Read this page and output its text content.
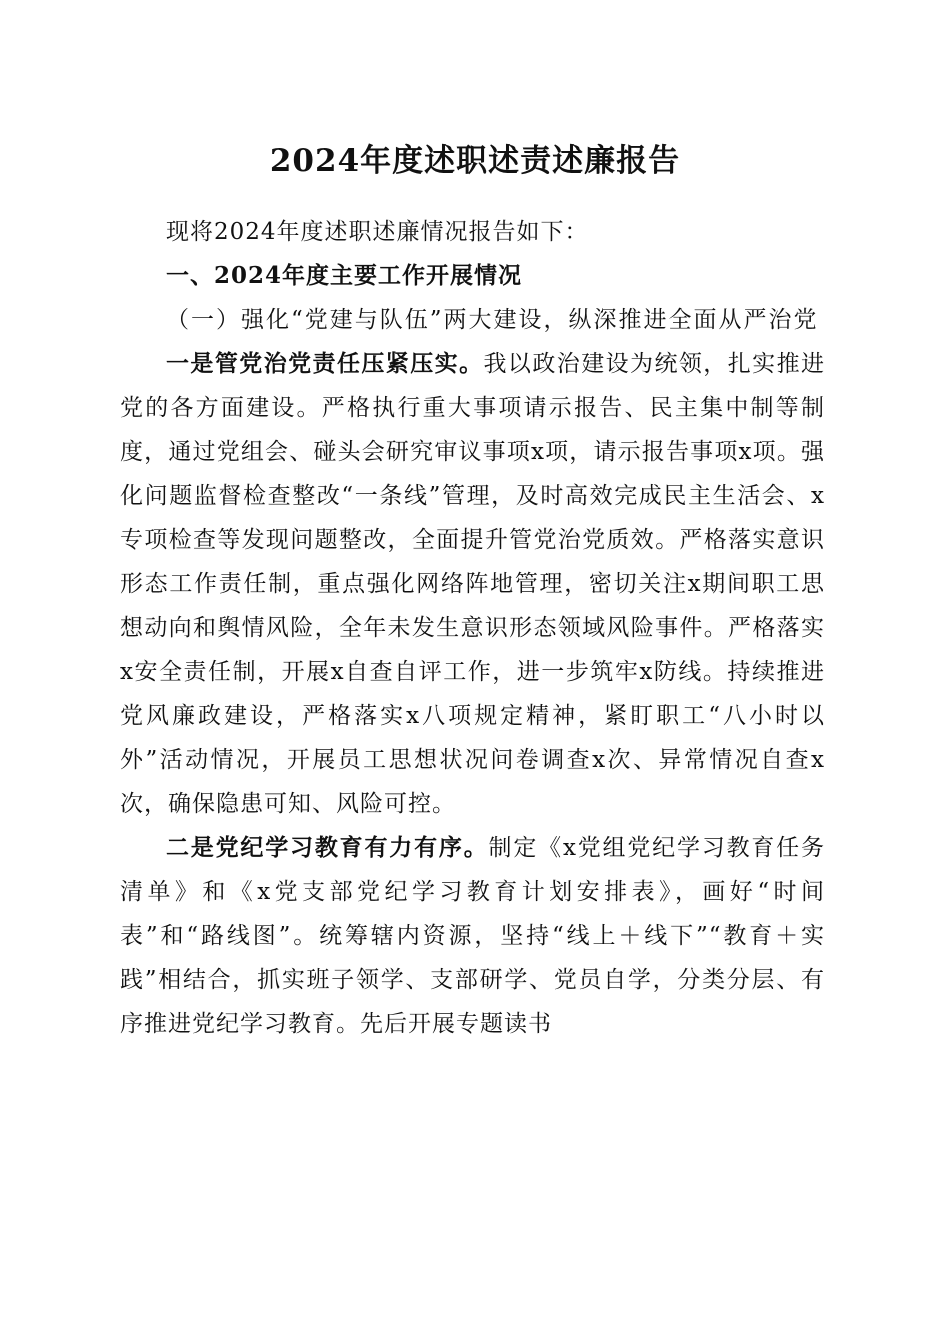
2024年度述职述责述廉报告

现将2024年度述职述廉情况报告如下：

一、2024年度主要工作开展情况

（一）强化“党建与队伍”两大建设，纵深推进全面从严治党

一是管党治党责任压紧压实。我以政治建设为统领，扎实推进党的各方面建设。严格执行重大事项请示报告、民主集中制等制度，通过党组会、碰头会研究审议事项x项，请示报告事项x项。强化问题监督检查整改“一条线”管理，及时高效完成民主生活会、x专项检查等发现问题整改，全面提升管党治党质效。严格落实意识形态工作责任制，重点强化网络阵地管理，密切关注x期间职工思想动向和舆情风险，全年未发生意识形态领域风险事件。严格落实x安全责任制，开展x自查自评工作，进一步筑牢x防线。持续推进党风廉政建设，严格落实x八项规定精神，紧盯职工“八小时以外”活动情况，开展员工思想状况问卷调查x次、异常情况自查x次，确保隐患可知、风险可控。

二是党纪学习教育有力有序。制定《x党组党纪学习教育任务清单》和《x党支部党纪学习教育计划安排表》，画好“时间表”和“路线图”。统筹辖内资源，坚持“线上＋线下”“教育＋实践”相结合，抓实班子领学、支部研学、党员自学，分类分层、有序推进党纪学习教育。先后开展专题读书
